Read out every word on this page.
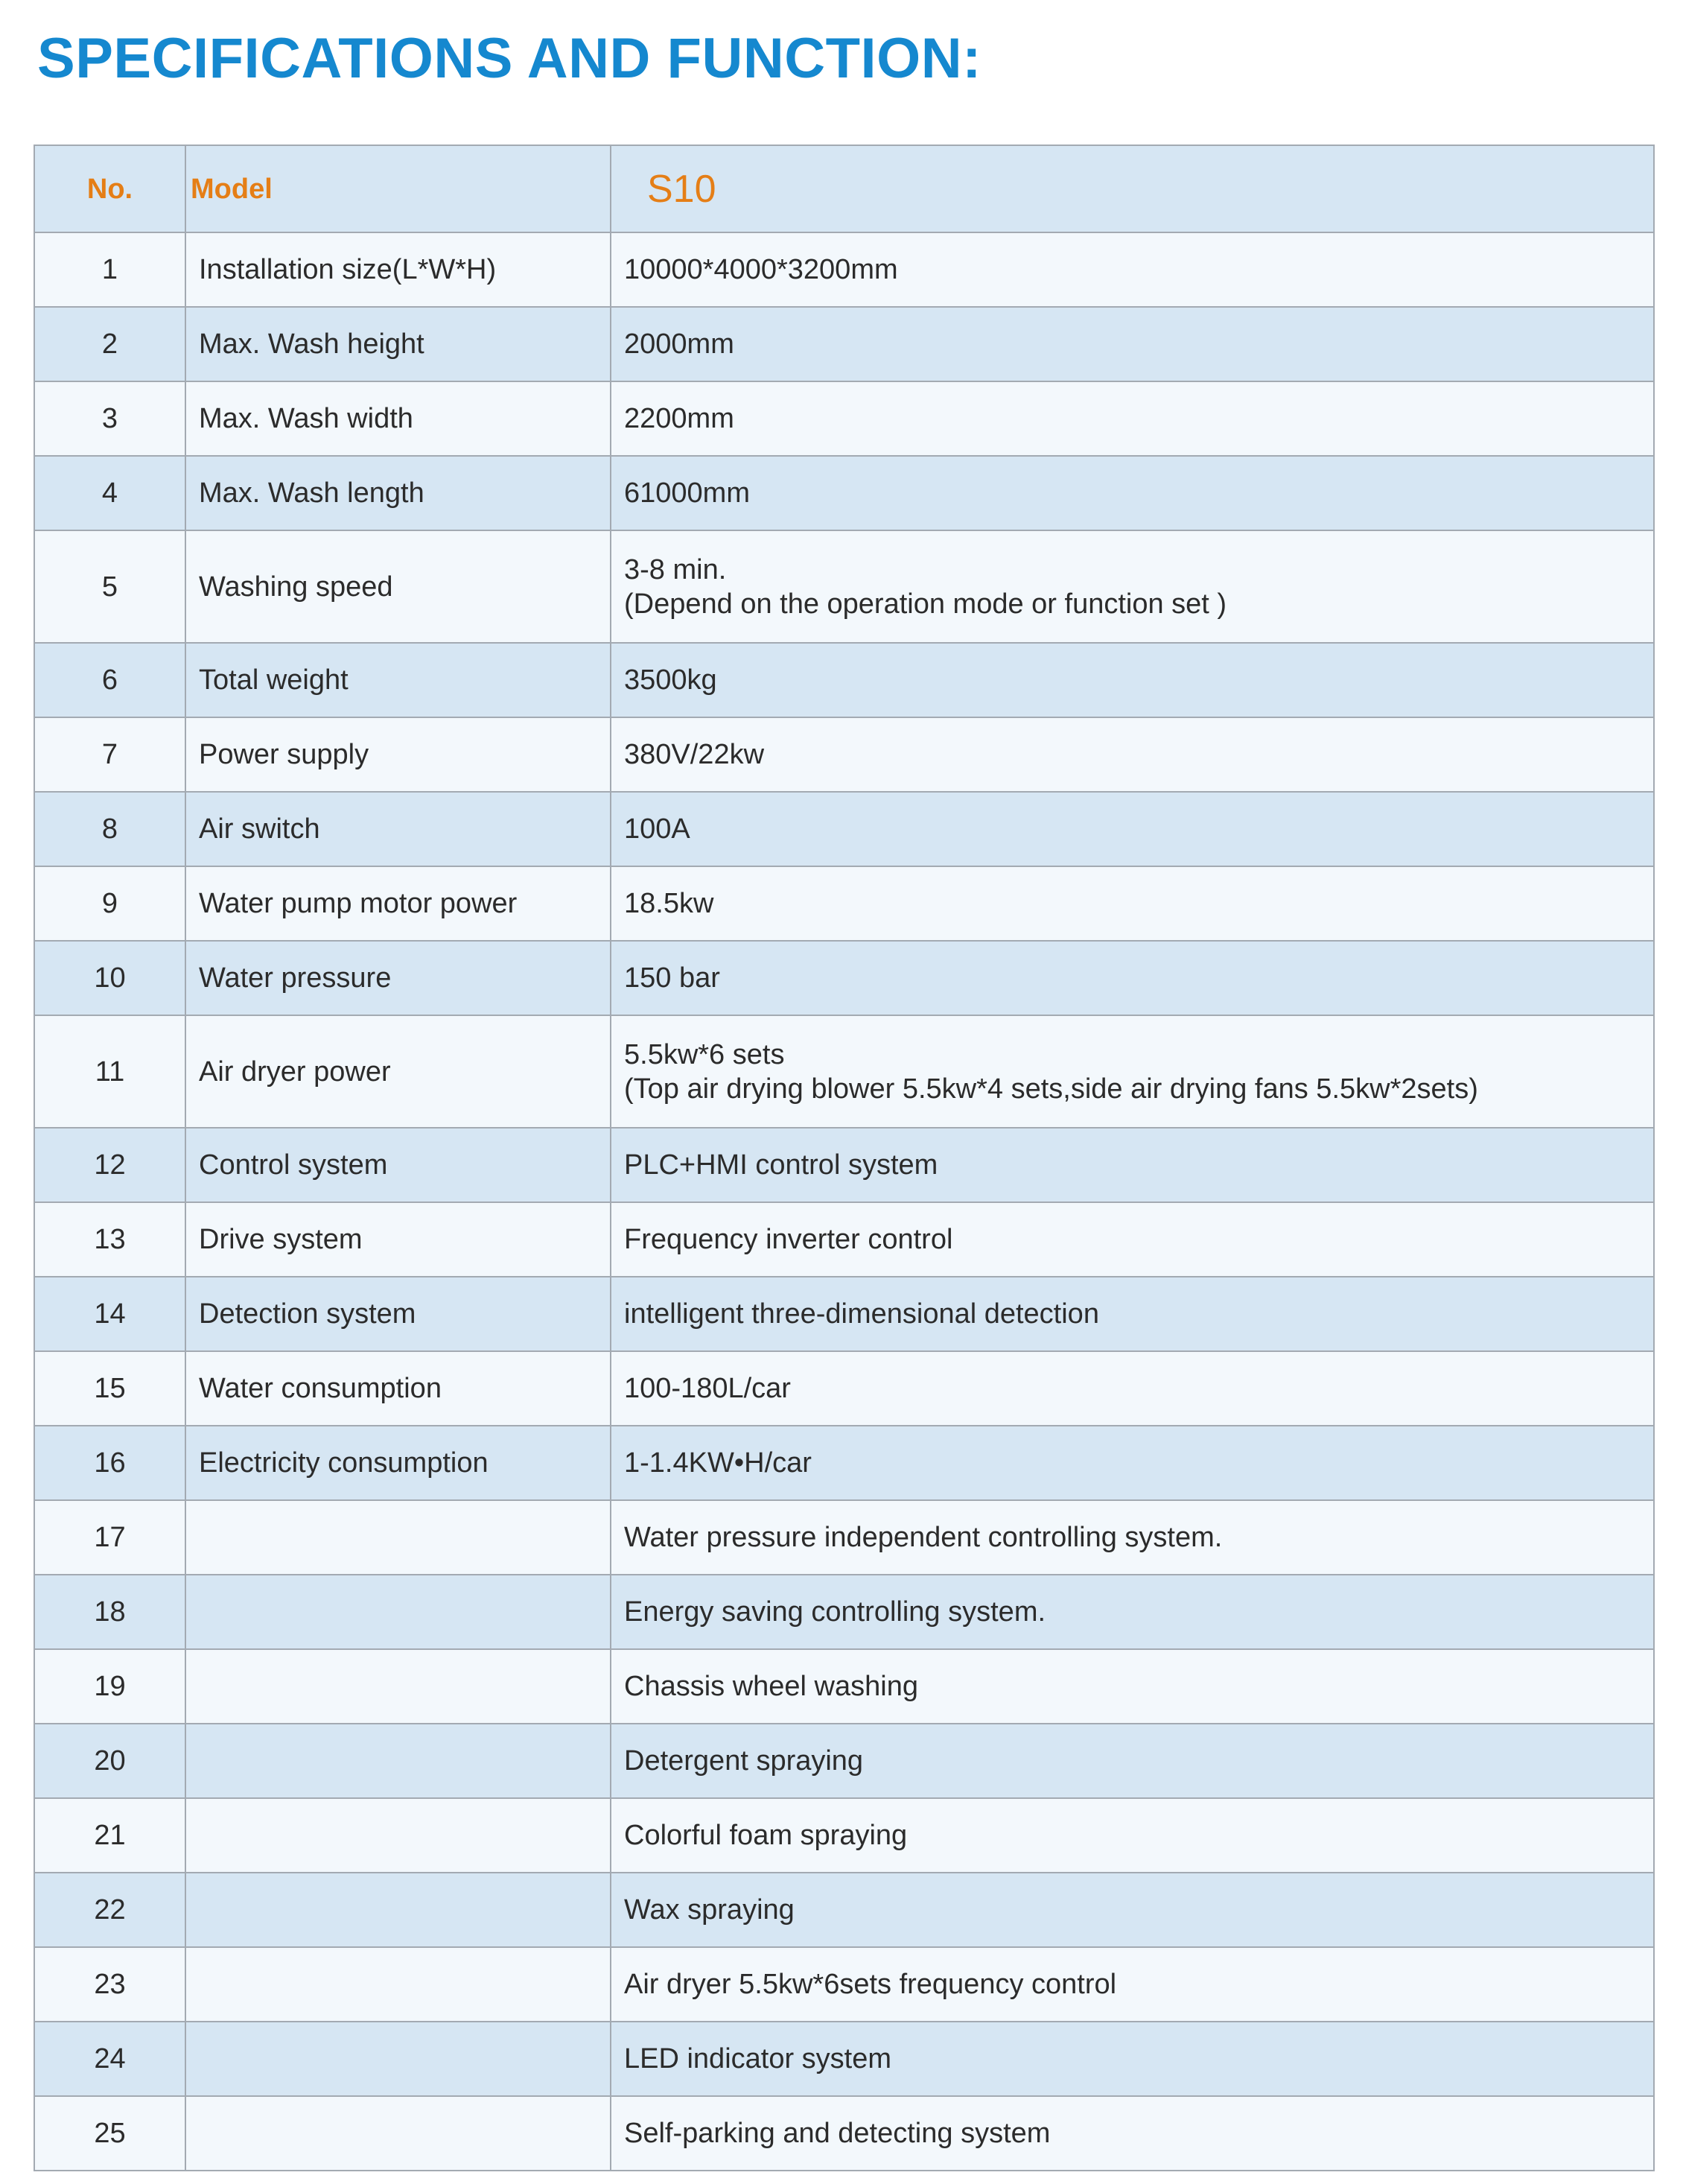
SPECIFICATIONS AND FUNCTION:
No.	Model	S10
1	Installation size(L*W*H)	10000*4000*3200mm

2	Max. Wash height	2000mm

3	Max. Wash width	2200mm

4	Max. Wash length	61000mm

5	Washing speed	3-8 min.
(Depend on the operation mode or function set )

6	Total weight	3500kg

7	Power supply	380V/22kw

8	Air switch	100A

9	Water pump motor power	18.5kw

10	Water pressure	150 bar

11	Air dryer power	5.5kw*6 sets
(Top air drying blower 5.5kw*4 sets,side air drying fans 5.5kw*2sets)

12	Control system	PLC+HMI control system

13	Drive system	Frequency inverter control

14	Detection system	intelligent three-dimensional detection

15	Water consumption	100-180L/car

16	Electricity consumption	1-1.4KW•H/car

17		Water pressure independent controlling system.

18		Energy saving controlling system.

19		Chassis wheel washing

20		Detergent spraying

21		Colorful foam spraying

22		Wax spraying

23		Air dryer 5.5kw*6sets frequency control

24		LED indicator system

25		Self-parking and detecting system
